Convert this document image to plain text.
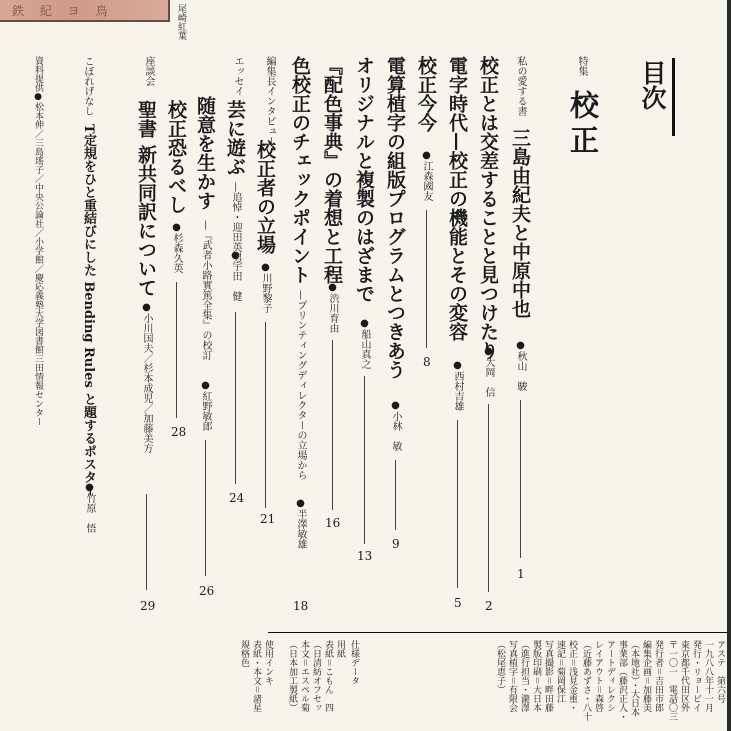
鉄 紀 ヨ 鳥	尾崎紅葉
目次
特集
校正
私の愛する書
三島由紀夫と中原中也
●秋山　駿
1
校正とは交差することと見つけたり
●大岡　信
2
電字時代—校正の機能とその変容
●西村吉雄
5
校正今今
●江森國友
8
電算植字の組版プログラムとつきあう
●小林　敏
9
オリジナルと複製のはざまで
●船山真之
13
『配色事典』の着想と工程
●渋川育由
16
色校正のチェックポイント
—プリンティングディレクターの立場から
●半澤敏雄
18
編集長インタビュー
校正者の立場
●川野黎子
21
エッセイ
芸に遊ぶ
—追悼・迎田英男
●宇田　健
24
随意を生かす
—『武者小路實篤全集』の校訂
●紅野敏郎
26
校正恐るべし
●杉森久英
28
座談会
聖書 新共同訳について
●小川国夫／杉本成児／加藤美方
29
こぼれげなし
T定規をひと重結びにした Bending Rules と題するポスター
●竹原　悟
資料提供●松本伸／三島瑤子／中央公論社／小学館／慶応義塾大学図書館三田情報センター
アステ　第六号
一九八八年十一月
発行・リョービイ
東京都千代田区外
〒一〇一　電話〇三
発行者＝吉田市郎
編集企画＝加藤美
（本地社）・大日本
事業部（藤沢正人・
アートディレクシ
レイアウト＝森啓
（近藤あずさ・八十
校正＝浅見金重・
速記＝菊岡保江
写真撮影＝畔田藤
製版印刷＝大日本
（進行担当・瀧澤
写真植字＝有限会
（松尾恵子）
仕様データ
用紙
表紙＝こもん　四
（日清紡オフセッ
本文＝エスペル菊
（日本加工製紙）
使用インキ
表紙・本文＝諸星
規格色
